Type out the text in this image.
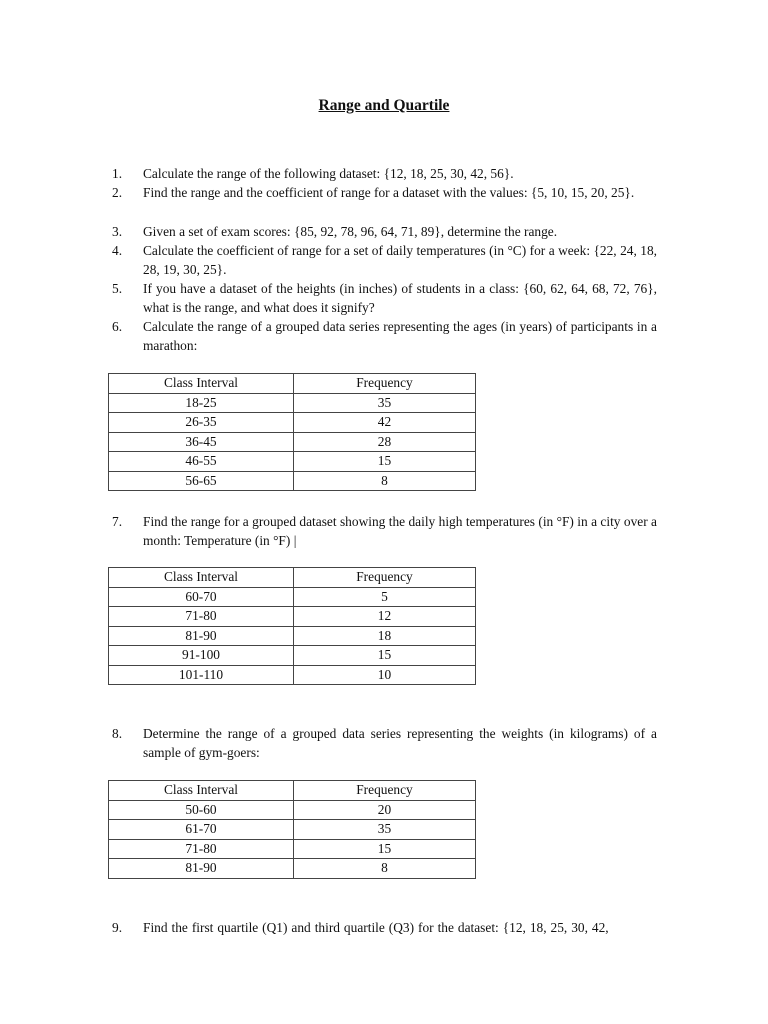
Range and Quartile
1.	Calculate the range of the following dataset: {12, 18, 25, 30, 42, 56}.
2.	Find the range and the coefficient of range for a dataset with the values: {5, 10, 15, 20, 25}.
3.	Given a set of exam scores: {85, 92, 78, 96, 64, 71, 89}, determine the range.
4.	Calculate the coefficient of range for a set of daily temperatures (in °C) for a week: {22, 24, 18, 28, 19, 30, 25}.
5.	If you have a dataset of the heights (in inches) of students in a class: {60, 62, 64, 68, 72, 76}, what is the range, and what does it signify?
6.	Calculate the range of a grouped data series representing the ages (in years) of participants in a marathon:
Class Interval	Frequency
18-25	35
26-35	42
36-45	28
46-55	15
56-65	8
7.	Find the range for a grouped dataset showing the daily high temperatures (in °F) in a city over a month: Temperature (in °F) |
Class Interval	Frequency
60-70	5
71-80	12
81-90	18
91-100	15
101-110	10
8.	Determine the range of a grouped data series representing the weights (in kilograms) of a sample of gym-goers:
Class Interval	Frequency
50-60	20
61-70	35
71-80	15
81-90	8
9.	Find the first quartile (Q1) and third quartile (Q3) for the dataset: {12, 18, 25, 30, 42,
